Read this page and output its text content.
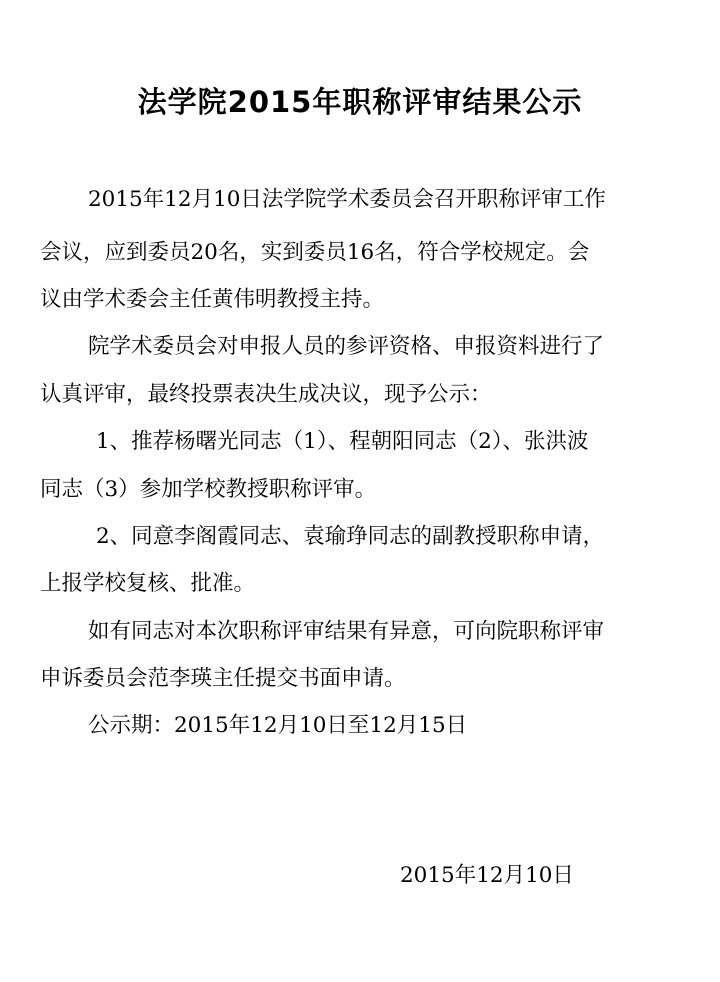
法学院2015年职称评审结果公示
2015年12月10日法学院学术委员会召开职称评审工作
会议，应到委员20名，实到委员16名，符合学校规定。会
议由学术委会主任黄伟明教授主持。
院学术委员会对申报人员的参评资格、申报资料进行了
认真评审，最终投票表决生成决议，现予公示：
1、推荐杨曙光同志（1）、程朝阳同志（2）、张洪波
同志（3）参加学校教授职称评审。
2、同意李阁霞同志、袁瑜琤同志的副教授职称申请，
上报学校复核、批准。
如有同志对本次职称评审结果有异意，可向院职称评审
申诉委员会范李瑛主任提交书面申请。
公示期：2015年12月10日至12月15日
2015年12月10日
